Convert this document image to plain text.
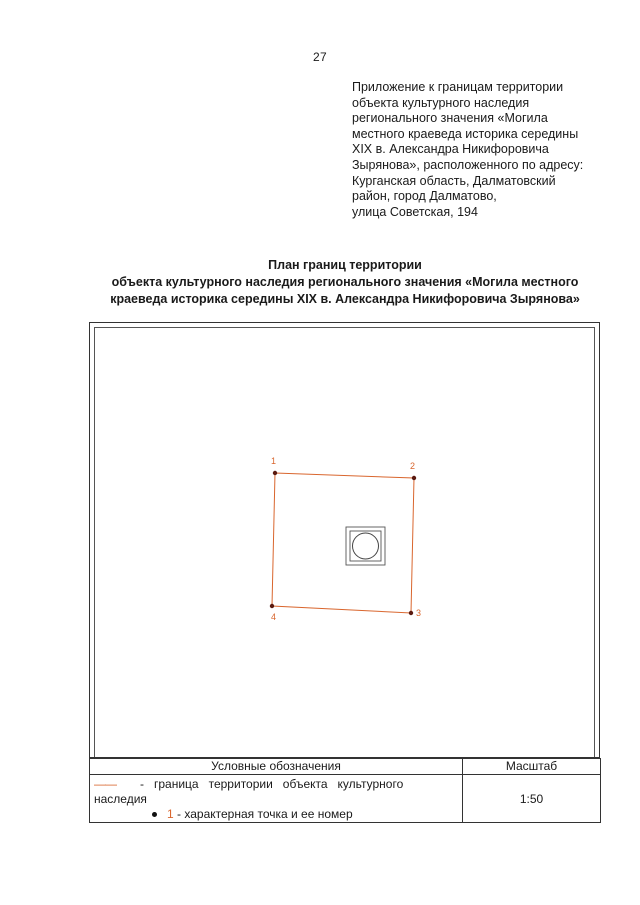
27
Приложение к границам территории
объекта культурного наследия
регионального значения «Могила
местного краеведа историка середины
XIX в. Александра Никифоровича
Зырянова», расположенного по адресу:
Курганская область, Далматовский
район, город Далматово,
улица Советская, 194
План границ территории
объекта культурного наследия регионального значения «Могила местного
краеведа историка середины XIX в. Александра Никифоровича Зырянова»
1	2
3
4
Условные обозначения	Масштаб

—— -   граница   территории   объекта   культурного
наследия
1 - характерная точка и ее номер	1:50
